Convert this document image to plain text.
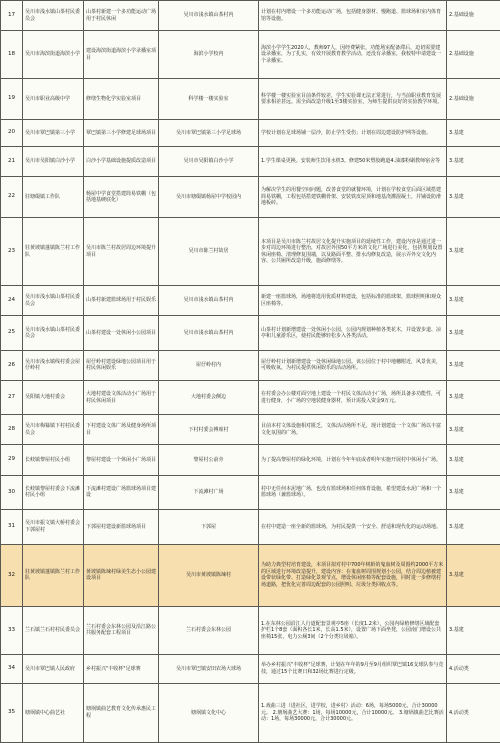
17	吴川市浅水镇山茶村民委员会	山茶村新建一个多功能运动广场用于村民休闲	吴川市浅水镇山茶村内	计划在村内增设一个多功能运动广场，包括健身器材、慢跑道、篮球场和室内体育馆等设施。	2.基础设施
18	吴川市海滨街道海滨小学	建设海滨街道海滨小学录播室项目	海滨小学校内	海滨小学学生2020人，教师97人，因经费紧张，功能场室配备滞后，迫切需要建设录播室，为了扎实，有效开展教育教学活动，还没有录播室，我校特申请建设一个录播室。	2.基础设施
19	吴川市职业高级中学	修缮生物化学实验室项目	科学楼一楼实验室	科学楼一楼实验室目前条件较差，学生实验课无法正常进行，与当前职业教育发展要求相差甚远。需全面改造升级1至3楼实验室，为师生提供良好的实验教学环境。	2.基础设施
20	吴川市覃巴镇第三小学	覃巴镇第三小学修建足球场项目	吴川市覃巴镇第三小学足球场	学校计划在足球场铺一层沙，防止学生受伤；计划在周边建设防护网等设施。	3.基建
21	吴川市吴阳镇白沙小学	白沙小学基础设施提质改造项目	吴川市吴阳镇白沙小学	1.学生课桌更换。安装师生饮用水机3。修建50米塑胶跑道4.油漆粉刷教师宿舍等	3.基建
22	驻塘缀镇工作队	杨屋中学食堂搭建简易铁棚（包括地基硬底化）	吴川市塘缀镇杨屋中学校园内	为解决学生的用餐空间问题，改善食堂的就餐环境，计划在学校食堂后面区域搭建简易铁棚，工程包括搭建铁棚骨架、安装铁皮屋顶和地基浇灌混凝土，并铺设防滑地板砖。	3.基建
23	驻黄坡镇蓬镇陈兰村工作队	吴川市陈兰村故居周边环境提升项目	吴川市陈兰村故居	本项目是吴川市陈兰村故居文化提升实施项目的延续性工作，建设内容是通过进一步对周边环境进行整治，对故居外围50平方米的文化广场进行美化，包括规划设置休闲座椅、清理修复围墙，以及路面平整、排水沟修复改造，展示弄外交文化内容、公共厕所改造升级，施面修缮等。	3.基建
24	吴川市浅水镇山茶村民委员会	山茶村新建篮球场用于村民娱乐	吴川市浅水镇山茶村内	新建一座篮球场，场地将选用优质材料建设，包括标准的篮球架、篮球照明和观众区座椅等。	3.基建
25	吴川市浅水镇山茶村民委员会	山茶村建设一处休闲小公园项目	吴川市浅水镇山茶村内	山茶村计划新增建设一处休闲小公园，公园内规划种植各类花木，并设置步道、凉亭和儿童游乐区，使村民能够轻松步入各类活动。	3.基建
26	吴川市浅水镇线村委会屋仔岭村	屋仔岭村建设绿地公园项目用于村民休闲娱乐	屋仔岭村内	屋仔岭村计划新增建设一处休闲绿地公园。该公园位于村中地穗附近，风景优美，可吸收氧、为村民提供休闲娱乐的活动场所。	3.基建
27	吴阳镇大地村委会	大地村建设文体活动小广场用于村民休闲项目	大地村委会侧边	在村委会办公楼对面空地上建设一个村民文体活动小广场，场所具备多功能性，可进行健身，小广场的空地装健身器材，预计需投入资金9万元。	3.基建
28	吴川市梅簶镇下村村民委员会	下村建设文体广场及健身场所项目	下村村委会搏席村	目前本村文体设施相对匮乏，文体活动场所不足，现计划建设一个文体广场以丰富文化氛围的广场。	3.基建
29	长岐镇黎屋村民小组	黎屋村建设一个休闲小广场项目	黎屋村公前旁	为了提高黎屋村的绿化环境，计划在今年年底或者明年实施开展村中休闲小广场。	3.基建
30	长岐镇黎屋村委会下流滩村民小组	下流滩村建设广场篮球场项目建设	下流滩村广场	村中无任何本泥地广场，也没有篮球场和任何体育设施，希望建设水泥广场和一个篮球场（兼篮球场）。	3.基建
31	吴川市振文镇大桥村委会下郭屋村	下郭屋村建设新篮球场项目	下郭屋	在村中建造一座全新的篮球场，为村民提供一个安全、舒适和现代化的运动场地。	3.基建
32	驻黄坡镇蓬镇陈兰村工作队	黄坡镇陈竦村绿美生态小公园建设项目	吴川市黄坡镇陈竦村	为助力典型村培育建设，本项目拟对村中700年树龄的鬼血树及周围约2000平方米的区域进行环境改造提升，建设内容：在鬼血树周围规划小公园，结合周边植被建设带状绿化带、打造绿化景观节点，增设休闲座椅等配套设施，同时进一步修缮村场道路，把优化完善周边配套的公园照明、垃圾分类回收点等。	3.基建
33	兰石镇兰石村村民委员会	兰石村委会东林公园及沿江路公共服务配套工程项目	兰石村委会东林公园	1.在东林公园沿江人行道配套景观亭5座（长度1.2米），公园内绿植修缮区域配套护栏1个8套（面积各长1米，长高1.5米），设置广场下面坐凳，公园南门增设公共座椅15张，电力公厕3间（2个分类垃圾箱）。	3.基建
34	吴川市覃巴镇人民政府	乡村振兴"丰收杯"足球赛	吴川市覃巴镇安田农场大球场	举办乡村振兴"丰收杯"足球赛，计划在年年的9月至9月组织覃巴镇16支球队参与竞技，通过15个比赛日和32场比赛进行定级。	4.活动类
35	塘埚镇中心曲艺社	塘埚镇曲艺教育文化传承惠民工程	塘埚镇文化中心	1.戏曲三进（进社区，进学校，进乡村）活动：6场，每场5000元，合计30000元。 2.塘埚曲艺大赛：1场，每场10000元，合计10000元。 3.塘埚镇曲艺比赛活动：1场，每场30000元，合计30000元。	4.活动类
